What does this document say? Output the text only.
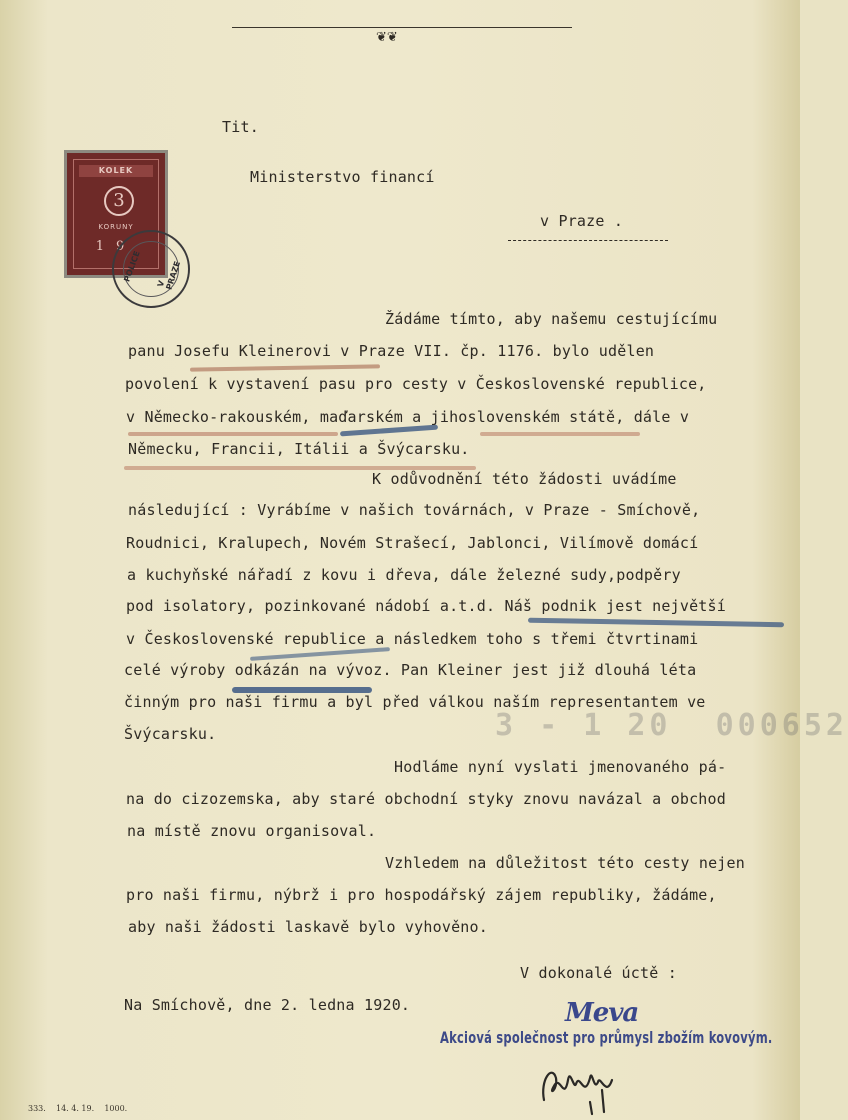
❦❦
KOLEK
3
KORUNY
19
POLICE
V PRAZE
Tit.
Ministerstvo financí
v Praze .
3 - 1 20  000652
Žádáme tímto, aby našemu cestujícímu
panu Josefu Kleinerovi v Praze VII. čp. 1176. bylo udělen
povolení k vystavení pasu pro cesty v Československé republice,
v Německo-rakouském, maďarském a jihoslovenském státě, dále v
Německu, Francii, Itálii a Švýcarsku.
K odůvodnění této žádosti uvádíme
následující : Vyrábíme v našich továrnách, v Praze - Smíchově,
Roudnici, Kralupech, Novém Strašecí, Jablonci, Vilímově domácí
a kuchyňské nářadí z kovu i dřeva, dále železné sudy,podpěry
pod isolatory, pozinkované nádobí a.t.d. Náš podnik jest největší
v Československé republice a následkem toho s třemi čtvrtinami
celé výroby odkázán na vývoz. Pan Kleiner jest již dlouhá léta
činným pro naši firmu a byl před válkou naším representantem ve
Švýcarsku.
Hodláme nyní vyslati jmenovaného pá-
na do cizozemska, aby staré obchodní styky znovu navázal a obchod
na místě znovu organisoval.
Vzhledem na důležitost této cesty nejen
pro naši firmu, nýbrž i pro hospodářský zájem republiky, žádáme,
aby naši žádosti laskavě bylo vyhověno.
V dokonalé úctě :
Na Smíchově, dne 2. ledna 1920.	Meva
Akciová společnost pro průmysl zbožím kovovým.
333.    14. 4. 19.    1000.
